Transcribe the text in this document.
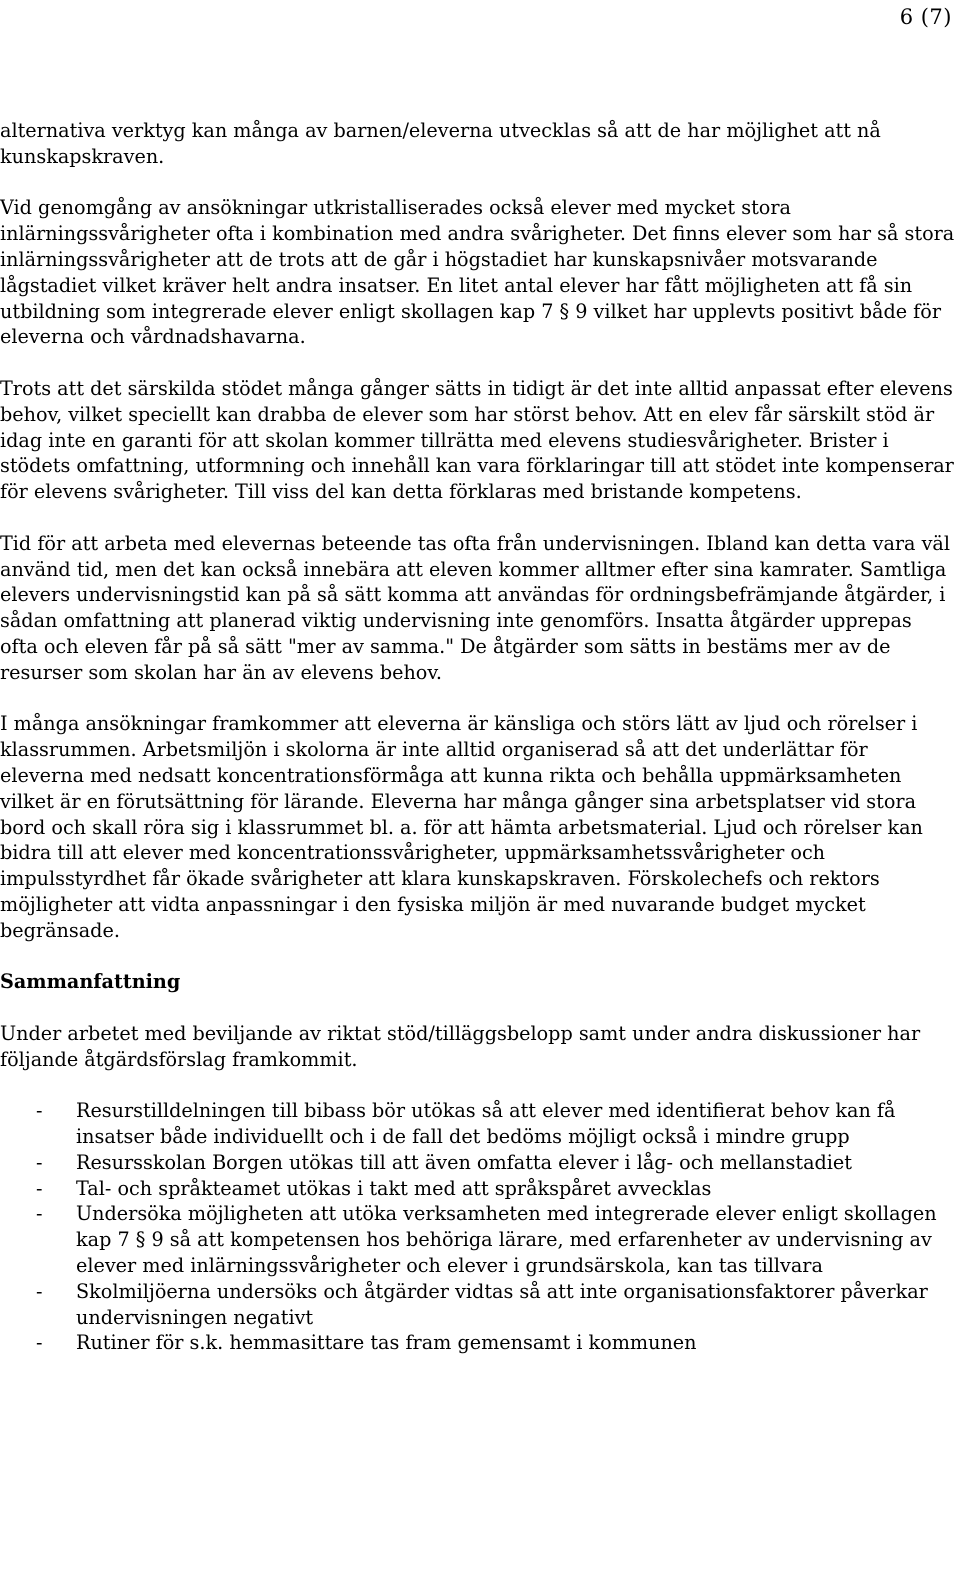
6 (7)

alternativa verktyg kan många av barnen/eleverna utvecklas så att de har möjlighet att nå kunskapskraven.

Vid genomgång av ansökningar utkristalliserades också elever med mycket stora inlärningssvårigheter ofta i kombination med andra svårigheter. Det finns elever som har så stora inlärningssvårigheter att de trots att de går i högstadiet har kunskapsnivåer motsvarande lågstadiet vilket kräver helt andra insatser. En litet antal elever har fått möjligheten att få sin utbildning som integrerade elever enligt skollagen kap 7 § 9 vilket har upplevts positivt både för eleverna och vårdnadshavarna.

Trots att det särskilda stödet många gånger sätts in tidigt är det inte alltid anpassat efter elevens behov, vilket speciellt kan drabba de elever som har störst behov. Att en elev får särskilt stöd är idag inte en garanti för att skolan kommer tillrätta med elevens studiesvårigheter. Brister i stödets omfattning, utformning och innehåll kan vara förklaringar till att stödet inte kompenserar för elevens svårigheter. Till viss del kan detta förklaras med bristande kompetens.

Tid för att arbeta med elevernas beteende tas ofta från undervisningen. Ibland kan detta vara väl använd tid, men det kan också innebära att eleven kommer alltmer efter sina kamrater. Samtliga elevers undervisningstid kan på så sätt komma att användas för ordningsbefrämjande åtgärder, i sådan omfattning att planerad viktig undervisning inte genomförs. Insatta åtgärder upprepas ofta och eleven får på så sätt "mer av samma." De åtgärder som sätts in bestäms mer av de resurser som skolan har än av elevens behov.

I många ansökningar framkommer att eleverna är känsliga och störs lätt av ljud och rörelser i klassrummen. Arbetsmiljön i skolorna är inte alltid organiserad så att det underlättar för eleverna med nedsatt koncentrationsförmåga att kunna rikta och behålla uppmärksamheten vilket är en förutsättning för lärande. Eleverna har många gånger sina arbetsplatser vid stora bord och skall röra sig i klassrummet bl. a. för att hämta arbetsmaterial. Ljud och rörelser kan bidra till att elever med koncentrationssvårigheter, uppmärksamhetssvårigheter och impulsstyrdhet får ökade svårigheter att klara kunskapskraven. Förskolechefs och rektors möjligheter att vidta anpassningar i den fysiska miljön är med nuvarande budget mycket begränsade.

Sammanfattning

Under arbetet med beviljande av riktat stöd/tilläggsbelopp samt under andra diskussioner har följande åtgärdsförslag framkommit.

- Resurstilldelningen till bibass bör utökas så att elever med identifierat behov kan få insatser både individuellt och i de fall det bedöms möjligt också i mindre grupp
- Resursskolan Borgen utökas till att även omfatta elever i låg- och mellanstadiet
- Tal- och språkteamet utökas i takt med att språkspåret avvecklas
- Undersöka möjligheten att utöka verksamheten med integrerade elever enligt skollagen kap 7 § 9 så att kompetensen hos behöriga lärare, med erfarenheter av undervisning av elever med inlärningssvårigheter och elever i grundsärskola, kan tas tillvara
- Skolmiljöerna undersöks och åtgärder vidtas så att inte organisationsfaktorer påverkar undervisningen negativt
- Rutiner för s.k. hemmasittare tas fram gemensamt i kommunen
